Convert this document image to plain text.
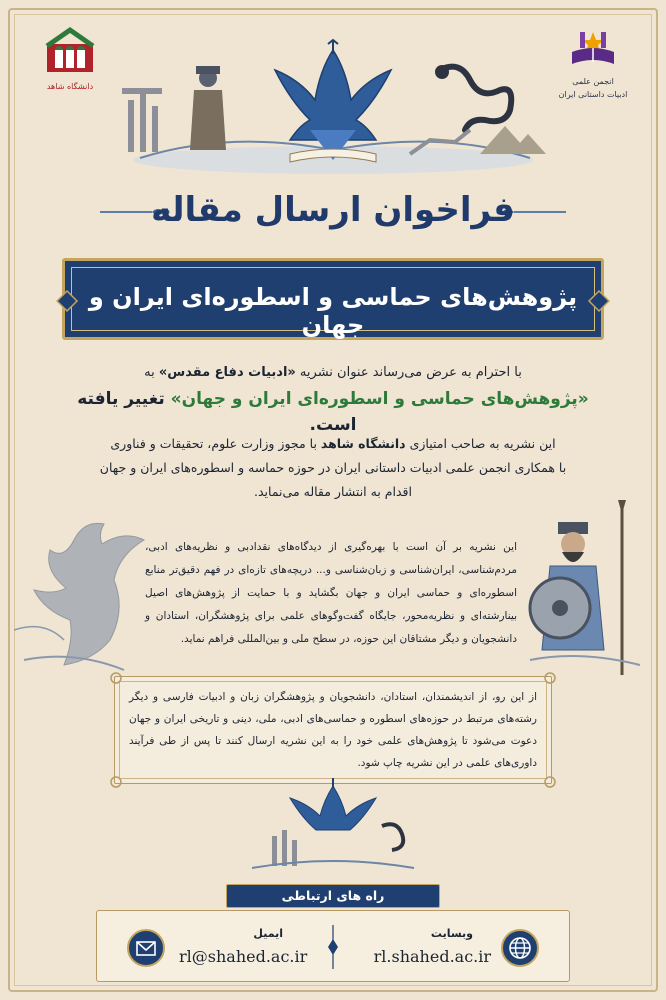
دانشگاه شاهد
انجمن علمی
ادبیات داستانی ایران
فراخوان ارسال مقاله
پژوهش‌های حماسی و اسطوره‌ای ایران و جهان
با احترام به عرض می‌رساند عنوان نشریه «ادبیات دفاع مقدس» به
«پژوهش‌های حماسی و اسطوره‌ای ایران و جهان» تغییر یافته است.
این نشریه به صاحب امتیازی دانشگاه شاهد با مجوز وزارت علوم، تحقیقات و فناوری
با همکاری انجمن علمی ادبیات داستانی ایران در حوزه حماسه و اسطوره‌های ایران و جهان
اقدام به انتشار مقاله می‌نماید.
این نشریه بر آن است با بهره‌گیری از دیدگاه‌های نقدادبی و نظریه‌های ادبی، مردم‌شناسی، ایران‌شناسی و زبان‌شناسی و... دریچه‌های تازه‌ای در فهم دقیق‌تر منابع اسطوره‌ای و حماسی ایران و جهان بگشاید و با حمایت از پژوهش‌های اصیل بینارشته‌ای و نظریه‌محور، جایگاه گفت‌وگوهای علمی برای پژوهشگران، استادان و دانشجویان و دیگر مشتاقان این حوزه، در سطح ملی و بین‌المللی فراهم نماید.
از این رو، از اندیشمندان، استادان، دانشجویان و پژوهشگران زبان و ادبیات فارسی و دیگر رشته‌های مرتبط در حوزه‌های اسطوره و حماسی‌های ادبی، ملی، دینی و تاریخی ایران و جهان دعوت می‌شود تا پژوهش‌های علمی خود را به این نشریه ارسال کنند تا پس از طی فرآیند داوری‌های علمی در این نشریه چاپ شود.
راه های ارتباطی
وبسایت
rl.shahed.ac.ir
ایمیل
rl@shahed.ac.ir
